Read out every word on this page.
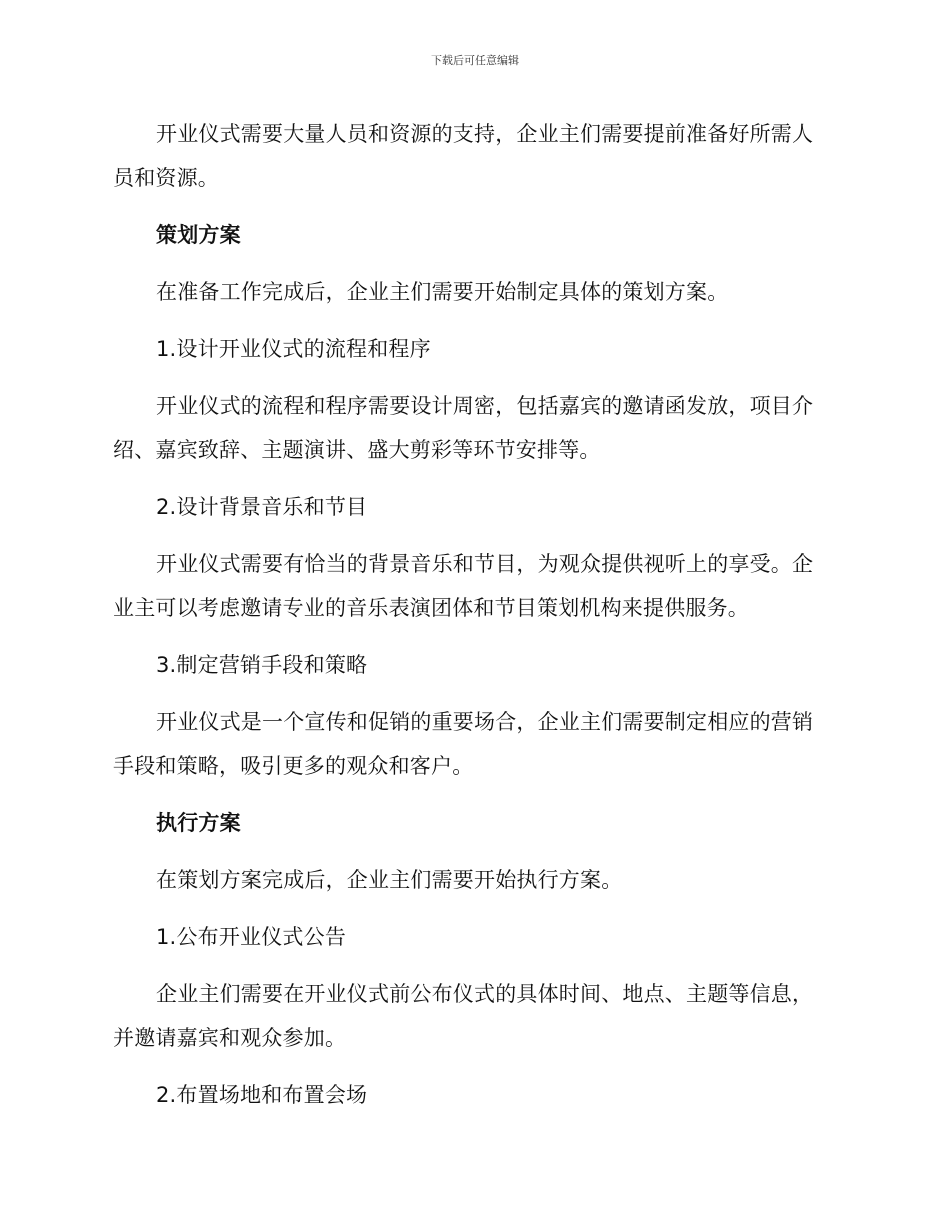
下载后可任意编辑

开业仪式需要大量人员和资源的支持，企业主们需要提前准备好所需人员和资源。

策划方案

在准备工作完成后，企业主们需要开始制定具体的策划方案。

1.设计开业仪式的流程和程序

开业仪式的流程和程序需要设计周密，包括嘉宾的邀请函发放，项目介绍、嘉宾致辞、主题演讲、盛大剪彩等环节安排等。

2.设计背景音乐和节目

开业仪式需要有恰当的背景音乐和节目，为观众提供视听上的享受。企业主可以考虑邀请专业的音乐表演团体和节目策划机构来提供服务。

3.制定营销手段和策略

开业仪式是一个宣传和促销的重要场合，企业主们需要制定相应的营销手段和策略，吸引更多的观众和客户。

执行方案

在策划方案完成后，企业主们需要开始执行方案。

1.公布开业仪式公告

企业主们需要在开业仪式前公布仪式的具体时间、地点、主题等信息，并邀请嘉宾和观众参加。

2.布置场地和布置会场
